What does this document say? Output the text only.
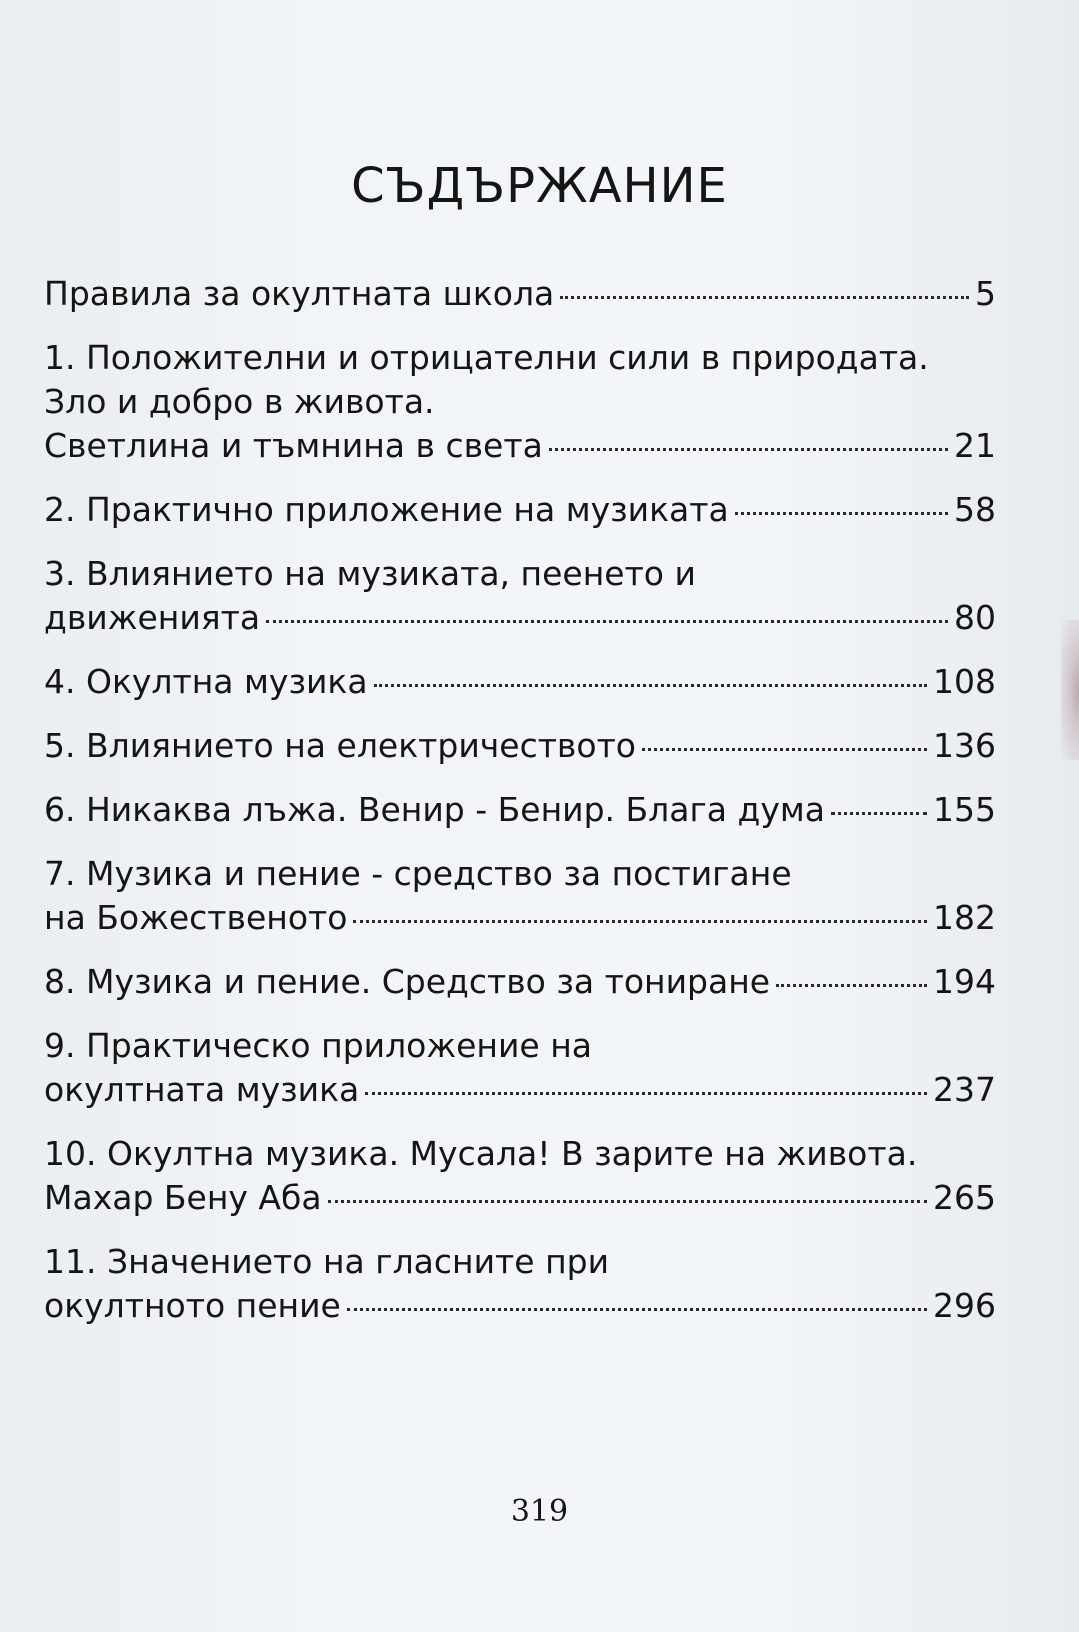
СЪДЪРЖАНИЕ
Правила за окултната школа	5
1. Положителни и отрицателни сили в природата.
Зло и добро в живота.
Светлина и тъмнина в света	21
2. Практично приложение на музиката	58
3. Влиянието на музиката, пеенето и
движенията	80
4. Окултна музика	108
5. Влиянието на електричеството	136
6. Никаква лъжа. Венир - Бенир. Блага дума	155
7. Музика и пение - средство за постигане
на Божественото	182
8. Музика и пение. Средство за тониране	194
9. Практическо приложение на
окултната музика	237
10. Окултна музика. Мусала! В зарите на живота.
Махар Бену Аба	265
11. Значението на гласните при
окултното пение	296
319
